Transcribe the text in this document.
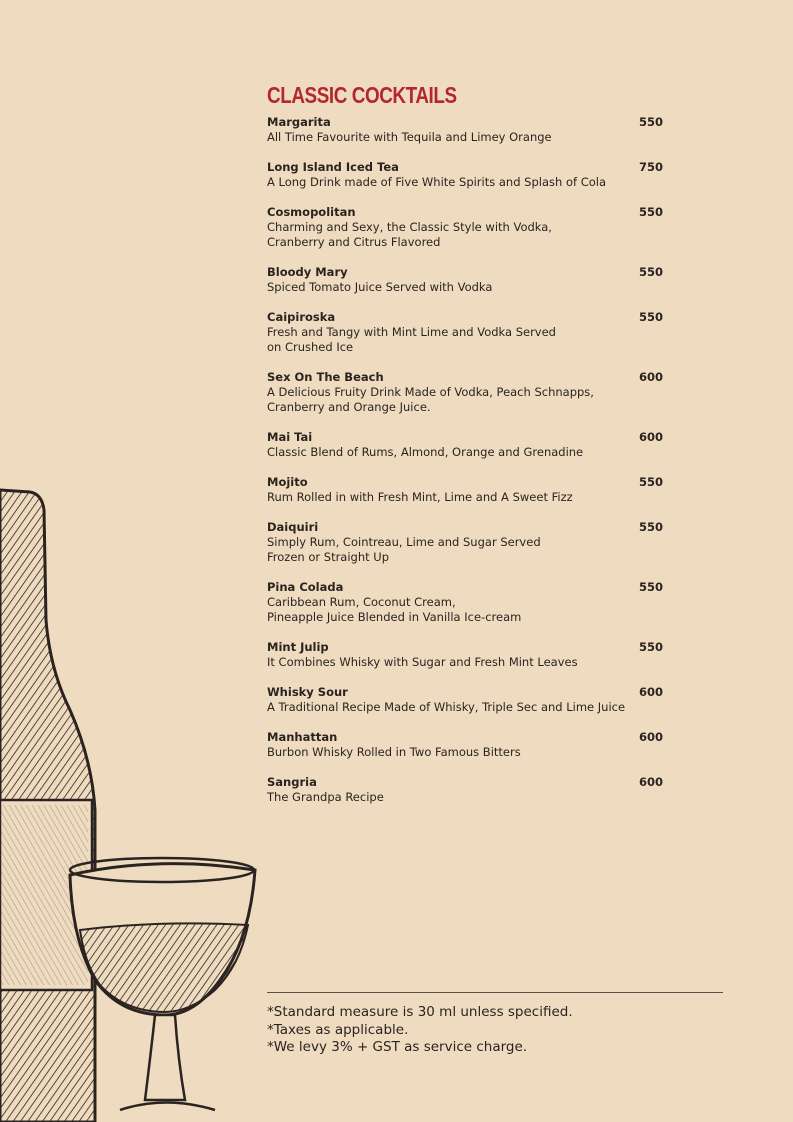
CLASSIC COCKTAILS
Margarita	550
All Time Favourite with Tequila and Limey Orange
Long Island Iced Tea	750
A Long Drink made of Five White Spirits and Splash of Cola
Cosmopolitan	550
Charming and Sexy, the Classic Style with Vodka,
Cranberry and Citrus Flavored
Bloody Mary	550
Spiced Tomato Juice Served with Vodka
Caipiroska	550
Fresh and Tangy with Mint Lime and Vodka Served
on Crushed Ice
Sex On The Beach	600
A Delicious Fruity Drink Made of Vodka, Peach Schnapps,
Cranberry and Orange Juice.
Mai Tai	600
Classic Blend of Rums, Almond, Orange and Grenadine
Mojito	550
Rum Rolled in with Fresh Mint, Lime and A Sweet Fizz
Daiquiri	550
Simply Rum, Cointreau, Lime and Sugar Served
Frozen or Straight Up
Pina Colada	550
Caribbean Rum, Coconut Cream,
Pineapple Juice Blended in Vanilla Ice-cream
Mint Julip	550
It Combines Whisky with Sugar and Fresh Mint Leaves
Whisky Sour	600
A Traditional Recipe Made of Whisky, Triple Sec and Lime Juice
Manhattan	600
Burbon Whisky Rolled in Two Famous Bitters
Sangria	600
The Grandpa Recipe
*Standard measure is 30 ml unless specified.
*Taxes as applicable.
*We levy 3% + GST as service charge.
